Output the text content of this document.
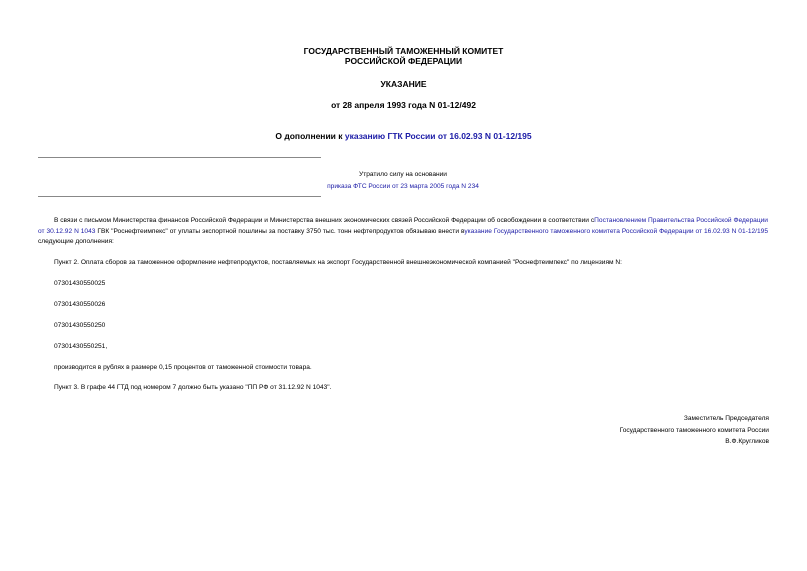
ГОСУДАРСТВЕННЫЙ ТАМОЖЕННЫЙ КОМИТЕТ
РОССИЙСКОЙ ФЕДЕРАЦИИ
УКАЗАНИЕ
от 28 апреля 1993 года N 01-12/492
О дополнении к указанию ГТК России от 16.02.93 N 01-12/195
Утратило силу на основании
приказа ФТС России от 23 марта 2005 года N 234
В связи с письмом Министерства финансов Российской Федерации и Министерства внешних экономических связей Российской Федерации об освобождении в соответствии сПостановлением Правительства Российской Федерации от 30.12.92 N 1043 ГВК "Роснефтеимпекс" от уплаты экспортной пошлины за поставку 3750 тыс. тонн нефтепродуктов обязываю внести вуказание Государственного таможенного комитета Российской Федерации от 16.02.93 N 01-12/195 следующие дополнения:
Пункт 2. Оплата сборов за таможенное оформление нефтепродуктов, поставляемых на экспорт Государственной внешнеэкономической компанией "Роснефтеимпекс" по лицензиям N:
07301430550025
07301430550026
07301430550250
07301430550251,
производится в рублях в размере 0,15 процентов от таможенной стоимости товара.
Пункт 3. В графе 44 ГТД под номером 7 должно быть указано "ПП РФ от 31.12.92 N 1043".
Заместитель Председателя
Государственного таможенного комитета России
В.Ф.Кругликов
